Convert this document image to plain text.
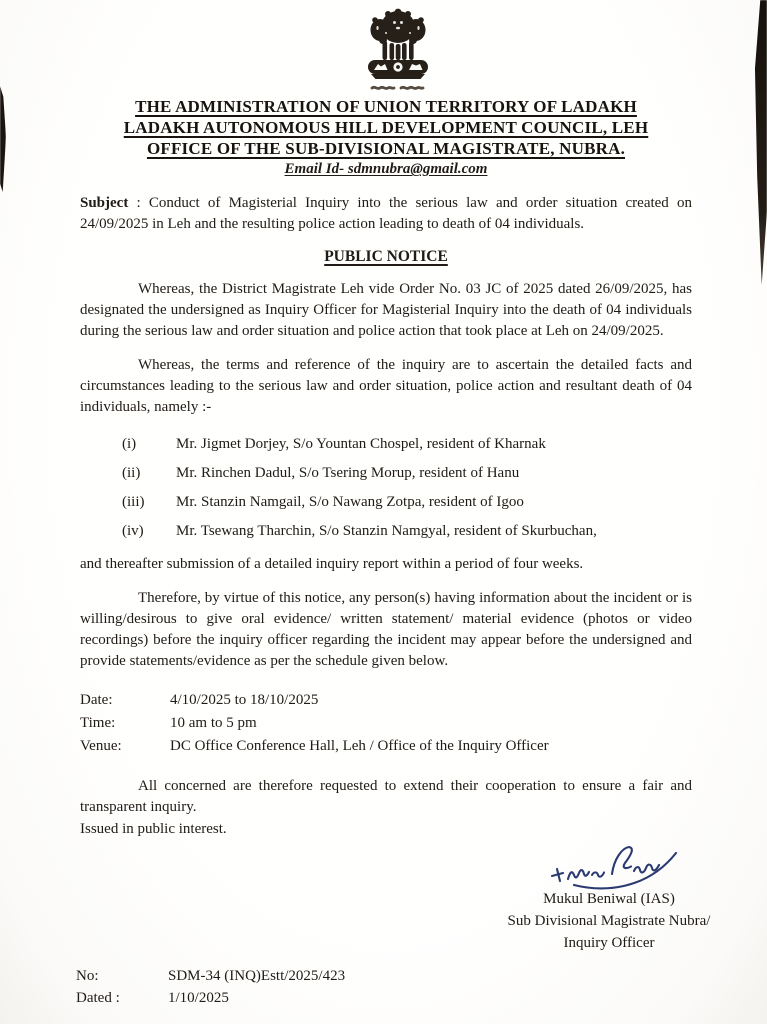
THE ADMINISTRATION OF UNION TERRITORY OF LADAKH
LADAKH AUTONOMOUS HILL DEVELOPMENT COUNCIL, LEH
OFFICE OF THE SUB-DIVISIONAL MAGISTRATE, NUBRA.
Email Id- sdmnubra@gmail.com
Subject : Conduct of Magisterial Inquiry into the serious law and order situation created on 24/09/2025 in Leh and the resulting police action leading to death of 04 individuals.
PUBLIC NOTICE
Whereas, the District Magistrate Leh vide Order No. 03 JC of 2025 dated 26/09/2025, has designated the undersigned as Inquiry Officer for Magisterial Inquiry into the death of 04 individuals during the serious law and order situation and police action that took place at Leh on 24/09/2025.
Whereas, the terms and reference of the inquiry are to ascertain the detailed facts and circumstances leading to the serious law and order situation, police action and resultant death of 04 individuals, namely :-
(i)	Mr. Jigmet Dorjey, S/o Yountan Chospel, resident of Kharnak
(ii)	Mr. Rinchen Dadul, S/o Tsering Morup, resident of Hanu
(iii)	Mr. Stanzin Namgail, S/o Nawang Zotpa, resident of Igoo
(iv)	Mr. Tsewang Tharchin, S/o Stanzin Namgyal, resident of Skurbuchan,
and thereafter submission of a detailed inquiry report within a period of four weeks.
Therefore, by virtue of this notice, any person(s) having information about the incident or is willing/desirous to give oral evidence/ written statement/ material evidence (photos or video recordings) before the inquiry officer regarding the incident may appear before the undersigned and provide statements/evidence as per the schedule given below.
Date:	4/10/2025 to 18/10/2025
Time:	10 am to 5 pm
Venue:	DC Office Conference Hall, Leh / Office of the Inquiry Officer
All concerned are therefore requested to extend their cooperation to ensure a fair and transparent inquiry.
Issued in public interest.
Mukul Beniwal (IAS)
Sub Divisional Magistrate Nubra/
Inquiry Officer
No:	SDM-34 (INQ)Estt/2025/423
Dated :	1/10/2025
